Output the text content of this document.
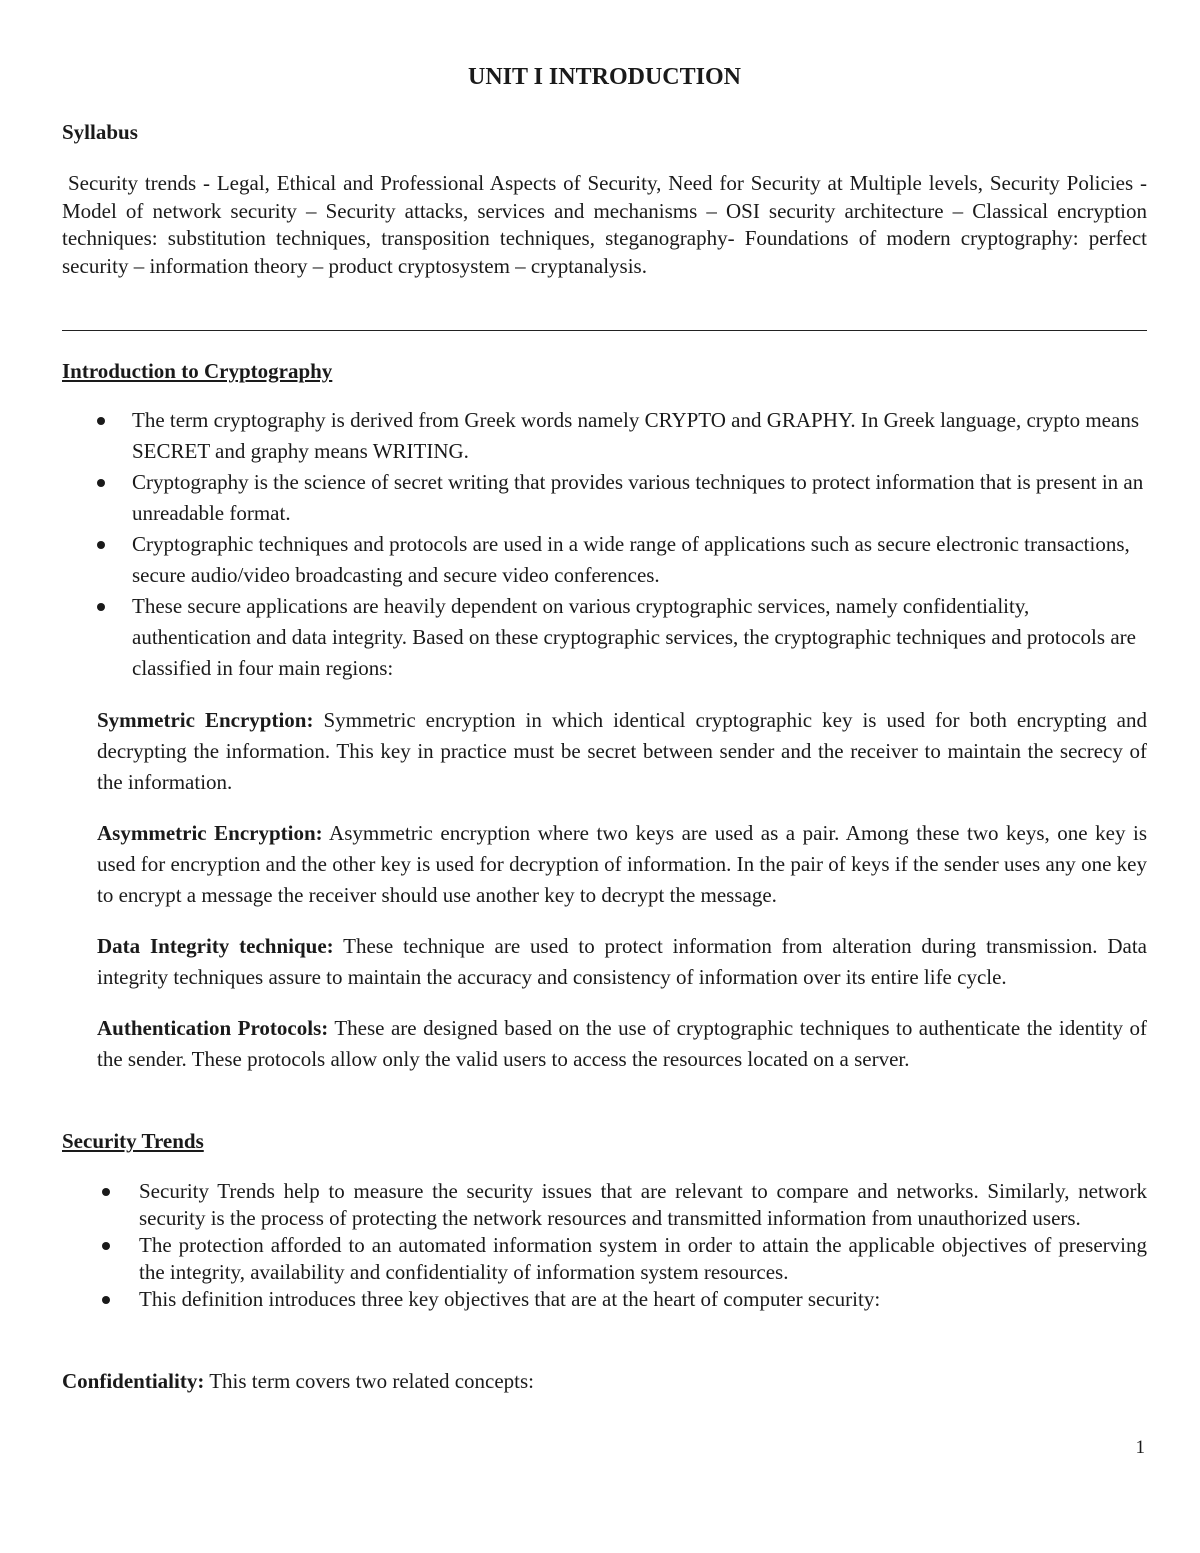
UNIT I INTRODUCTION
Syllabus
Security trends - Legal, Ethical and Professional Aspects of Security, Need for Security at Multiple levels, Security Policies - Model of network security – Security attacks, services and mechanisms – OSI security architecture – Classical encryption techniques: substitution techniques, transposition techniques, steganography- Foundations of modern cryptography: perfect security – information theory – product cryptosystem – cryptanalysis.
Introduction to Cryptography
The term cryptography is derived from Greek words namely CRYPTO and GRAPHY. In Greek language, crypto means SECRET and graphy means WRITING.
Cryptography is the science of secret writing that provides various techniques to protect information that is present in an unreadable format.
Cryptographic techniques and protocols are used in a wide range of applications such as secure electronic transactions, secure audio/video broadcasting and secure video conferences.
These secure applications are heavily dependent on various cryptographic services, namely confidentiality, authentication and data integrity. Based on these cryptographic services, the cryptographic techniques and protocols are classified in four main regions:

Symmetric Encryption: Symmetric encryption in which identical cryptographic key is used for both encrypting and decrypting the information. This key in practice must be secret between sender and the receiver to maintain the secrecy of the information.

Asymmetric Encryption: Asymmetric encryption where two keys are used as a pair. Among these two keys, one key is used for encryption and the other key is used for decryption of information. In the pair of keys if the sender uses any one key to encrypt a message the receiver should use another key to decrypt the message.

Data Integrity technique: These technique are used to protect information from alteration during transmission. Data integrity techniques assure to maintain the accuracy and consistency of information over its entire life cycle.

Authentication Protocols: These are designed based on the use of cryptographic techniques to authenticate the identity of the sender. These protocols allow only the valid users to access the resources located on a server.

Security Trends
Security Trends help to measure the security issues that are relevant to compare and networks. Similarly, network security is the process of protecting the network resources and transmitted information from unauthorized users.
The protection afforded to an automated information system in order to attain the applicable objectives of preserving the integrity, availability and confidentiality of information system resources.
This definition introduces three key objectives that are at the heart of computer security:
Confidentiality: This term covers two related concepts:
1
